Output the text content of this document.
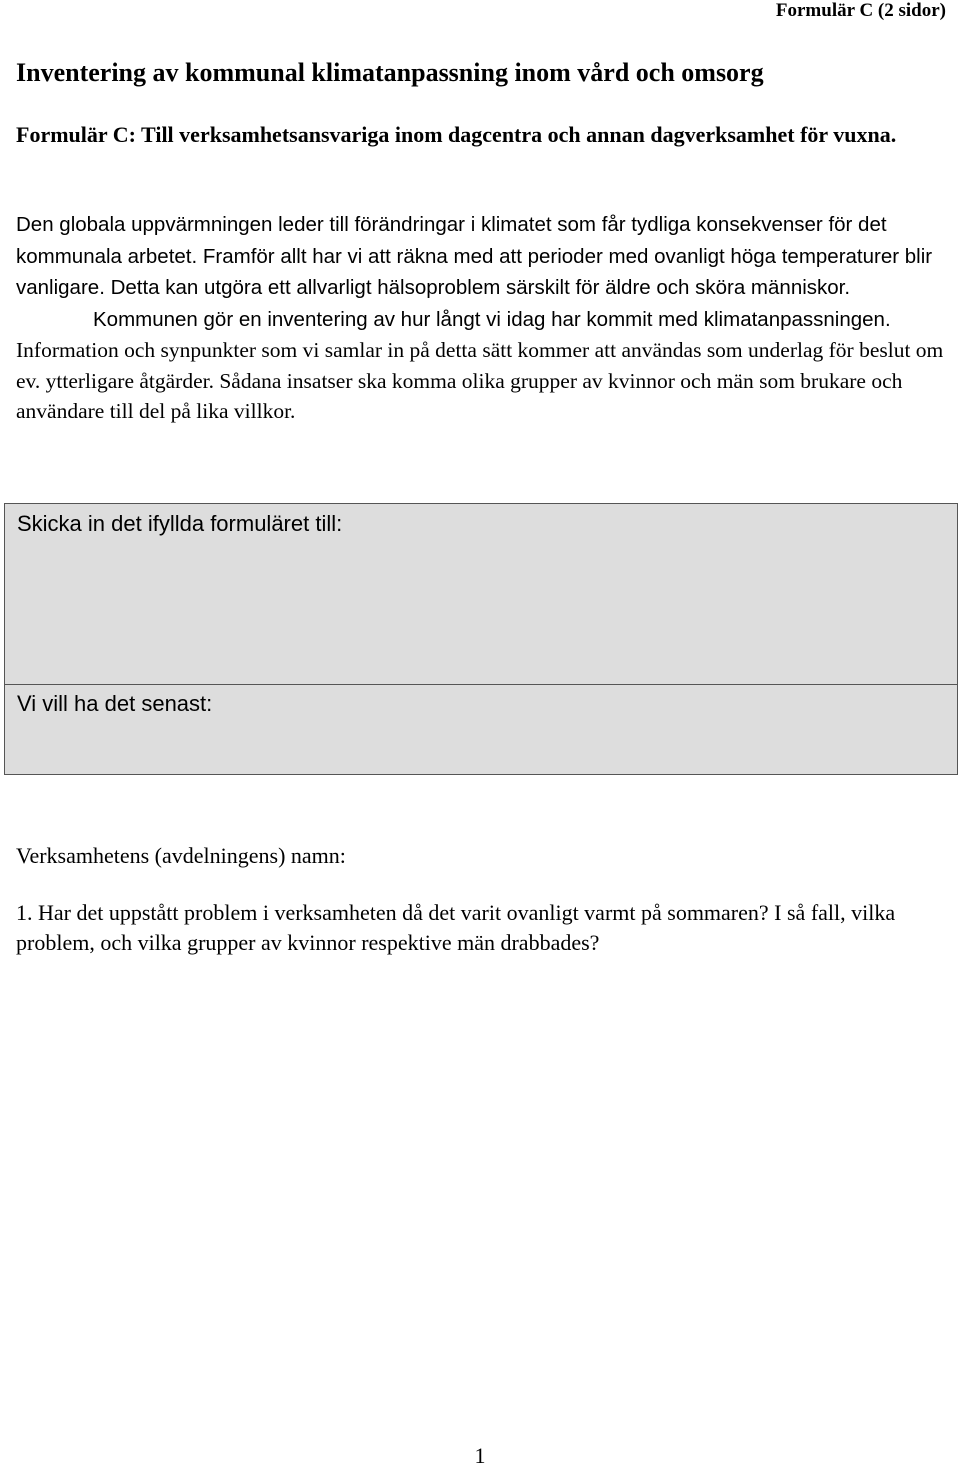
Formulär C (2 sidor)
Inventering av kommunal klimatanpassning inom vård och omsorg
Formulär C: Till verksamhetsansvariga inom dagcentra och annan dagverksamhet för vuxna.

Den globala uppvärmningen leder till förändringar i klimatet som får tydliga konsekvenser för det kommunala arbetet. Framför allt har vi att räkna med att perioder med ovanligt höga temperaturer blir vanligare. Detta kan utgöra ett allvarligt hälsoproblem särskilt för äldre och sköra människor.

Kommunen gör en inventering av hur långt vi idag har kommit med klimatanpassningen. Information och synpunkter som vi samlar in på detta sätt kommer att användas som underlag för beslut om ev. ytterligare åtgärder. Sådana insatser ska komma olika grupper av kvinnor och män som brukare och användare till del på lika villkor.

Skicka in det ifyllda formuläret till:
Vi vill ha det senast:
Verksamhetens (avdelningens) namn:

1. Har det uppstått problem i verksamheten då det varit ovanligt varmt på sommaren? I så fall, vilka problem, och vilka grupper av kvinnor respektive män drabbades?

1
